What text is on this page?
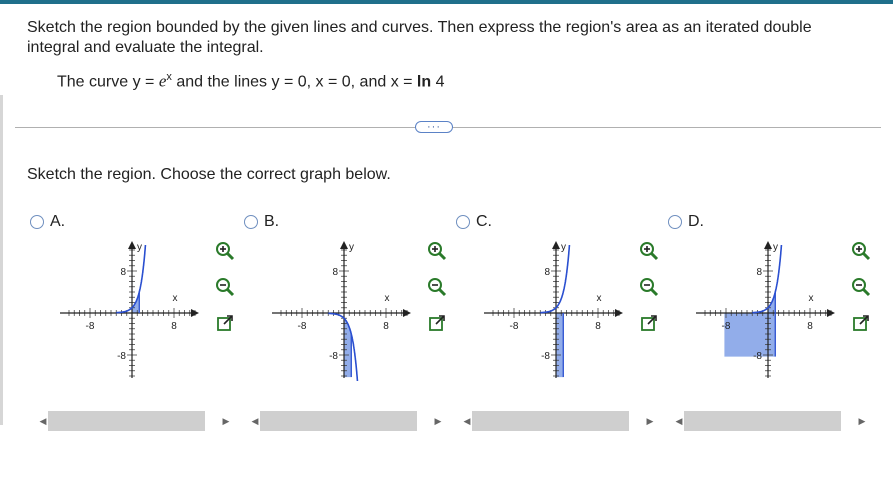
Sketch the region bounded by the given lines and curves. Then express the region's area as an iterated double integral and evaluate the integral.
The curve $y = e^x$ and the lines y = 0, x = 0, and x = ln 4
···
Sketch the region. Choose the correct graph below.
A.
8
-8
-8	8
y
x
◀	▶
B.
8
-8
-8	8
y
x
◀	▶
C.
8
-8
-8	8
y
x
◀	▶
D.
8
-8
-8	8
y
x
◀	▶
